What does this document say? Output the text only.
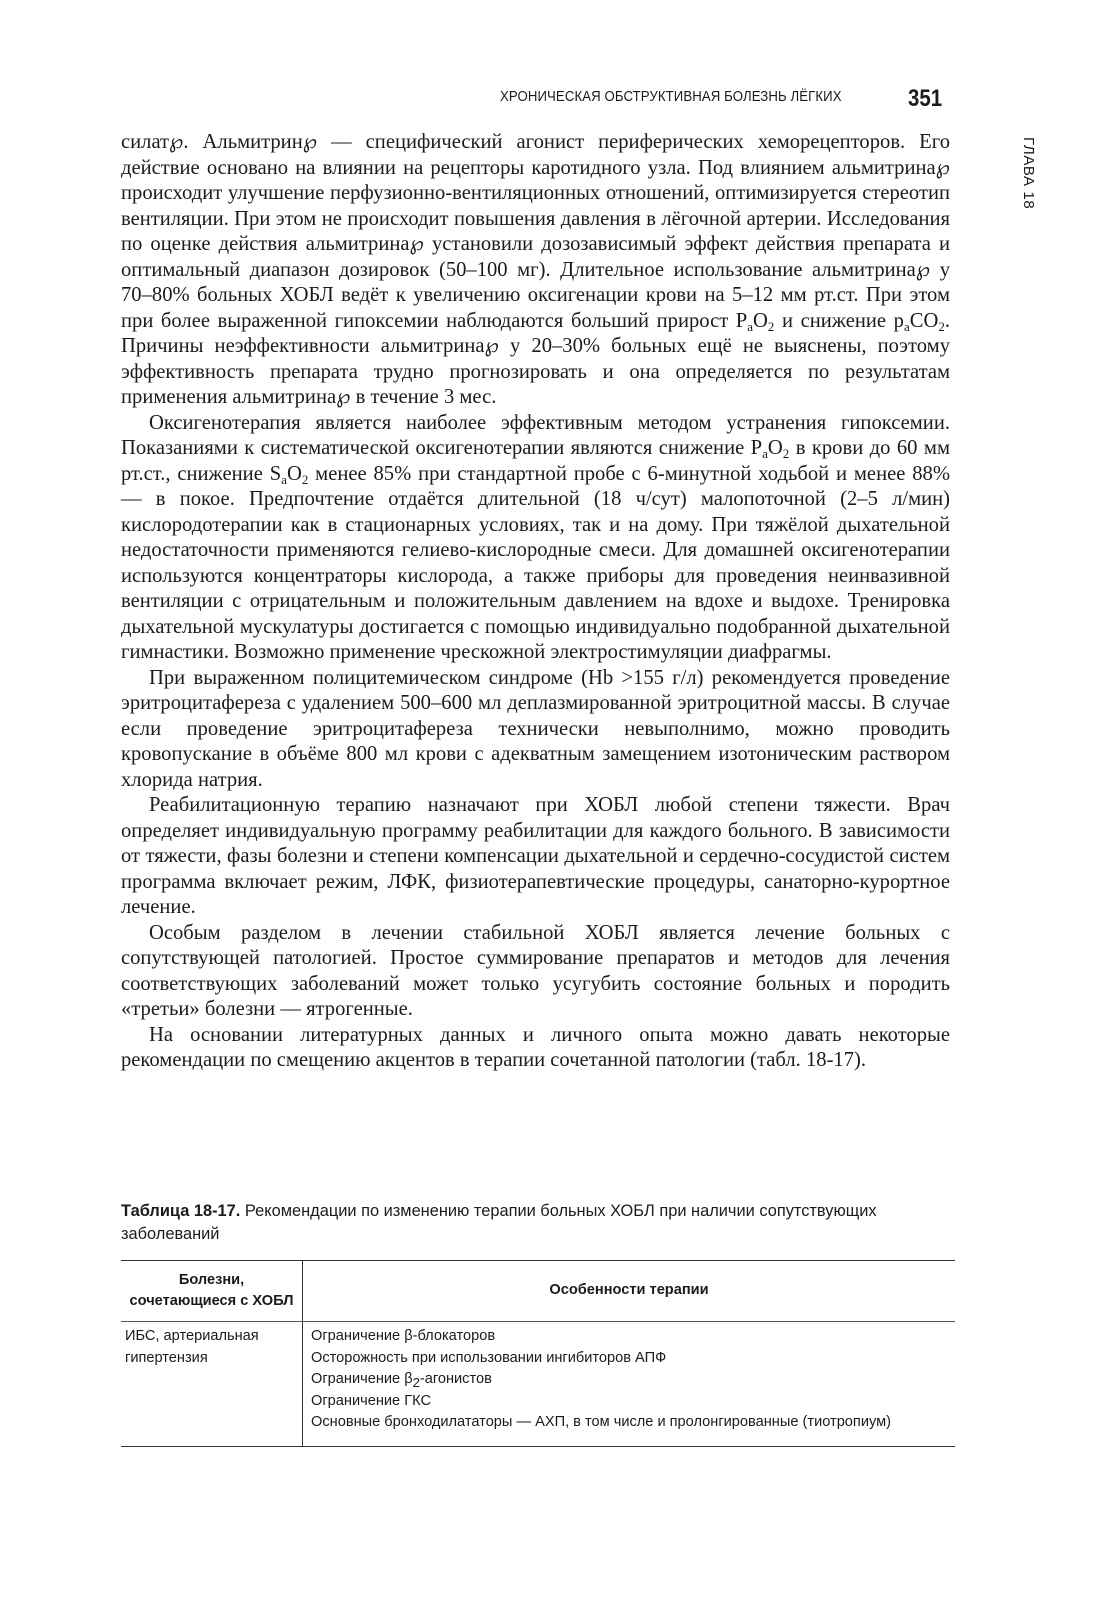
ХРОНИЧЕСКАЯ ОБСТРУКТИВНАЯ БОЛЕЗНЬ ЛЁГКИХ	351
ГЛАВА 18

силат℘. Альмитрин℘ — специфический агонист периферических хеморецепторов. Его действие основано на влиянии на рецепторы каротидного узла. Под влиянием альмитрина℘ происходит улучшение перфузионно-вентиляционных отношений, оптимизируется стереотип вентиляции. При этом не происходит повышения давления в лёгочной артерии. Исследования по оценке действия альмитрина℘ установили дозозависимый эффект действия препарата и оптимальный диапазон дозировок (50–100 мг). Длительное использование альмитрина℘ у 70–80% больных ХОБЛ ведёт к увеличению оксигенации крови на 5–12 мм рт.ст. При этом при более выраженной гипоксемии наблюдаются больший прирост $P_aO_2$ и снижение $p_aCO_2$. Причины неэффективности альмитрина℘ у 20–30% больных ещё не выяснены, поэтому эффективность препарата трудно прогнозировать и она определяется по результатам применения альмитрина℘ в течение 3 мес.

Оксигенотерапия является наиболее эффективным методом устранения гипоксемии. Показаниями к систематической оксигенотерапии являются снижение $P_aO_2$ в крови до 60 мм рт.ст., снижение $S_aO_2$ менее 85% при стандартной пробе с 6-минутной ходьбой и менее 88% — в покое. Предпочтение отдаётся длительной (18 ч/сут) малопоточной (2–5 л/мин) кислородотерапии как в стационарных условиях, так и на дому. При тяжёлой дыхательной недостаточности применяются гелиево-кислородные смеси. Для домашней оксигенотерапии используются концентраторы кислорода, а также приборы для проведения неинвазивной вентиляции с отрицательным и положительным давлением на вдохе и выдохе. Тренировка дыхательной мускулатуры достигается с помощью индивидуально подобранной дыхательной гимнастики. Возможно применение чрескожной электростимуляции диафрагмы.

При выраженном полицитемическом синдроме (Hb >155 г/л) рекомендуется проведение эритроцитафереза с удалением 500–600 мл деплазмированной эритроцитной массы. В случае если проведение эритроцитафереза технически невыполнимо, можно проводить кровопускание в объёме 800 мл крови с адекватным замещением изотоническим раствором хлорида натрия.

Реабилитационную терапию назначают при ХОБЛ любой степени тяжести. Врач определяет индивидуальную программу реабилитации для каждого больного. В зависимости от тяжести, фазы болезни и степени компенсации дыхательной и сердечно-сосудистой систем программа включает режим, ЛФК, физиотерапевтические процедуры, санаторно-курортное лечение.

Особым разделом в лечении стабильной ХОБЛ является лечение больных с сопутствующей патологией. Простое суммирование препаратов и методов для лечения соответствующих заболеваний может только усугубить состояние больных и породить «третьи» болезни — ятрогенные.

На основании литературных данных и личного опыта можно давать некоторые рекомендации по смещению акцентов в терапии сочетанной патологии (табл. 18-17).

Таблица 18-17. Рекомендации по изменению терапии больных ХОБЛ при наличии сопутствующих заболеваний
Болезни, сочетающиеся с ХОБЛ
Особенности терапии
ИБС, артериальная гипертензия
Ограничение β-блокаторов
Осторожность при использовании ингибиторов АПФ
Ограничение β2-агонистов
Ограничение ГКС
Основные бронходилататоры — АХП, в том числе и пролонгированные (тиотропиум)
